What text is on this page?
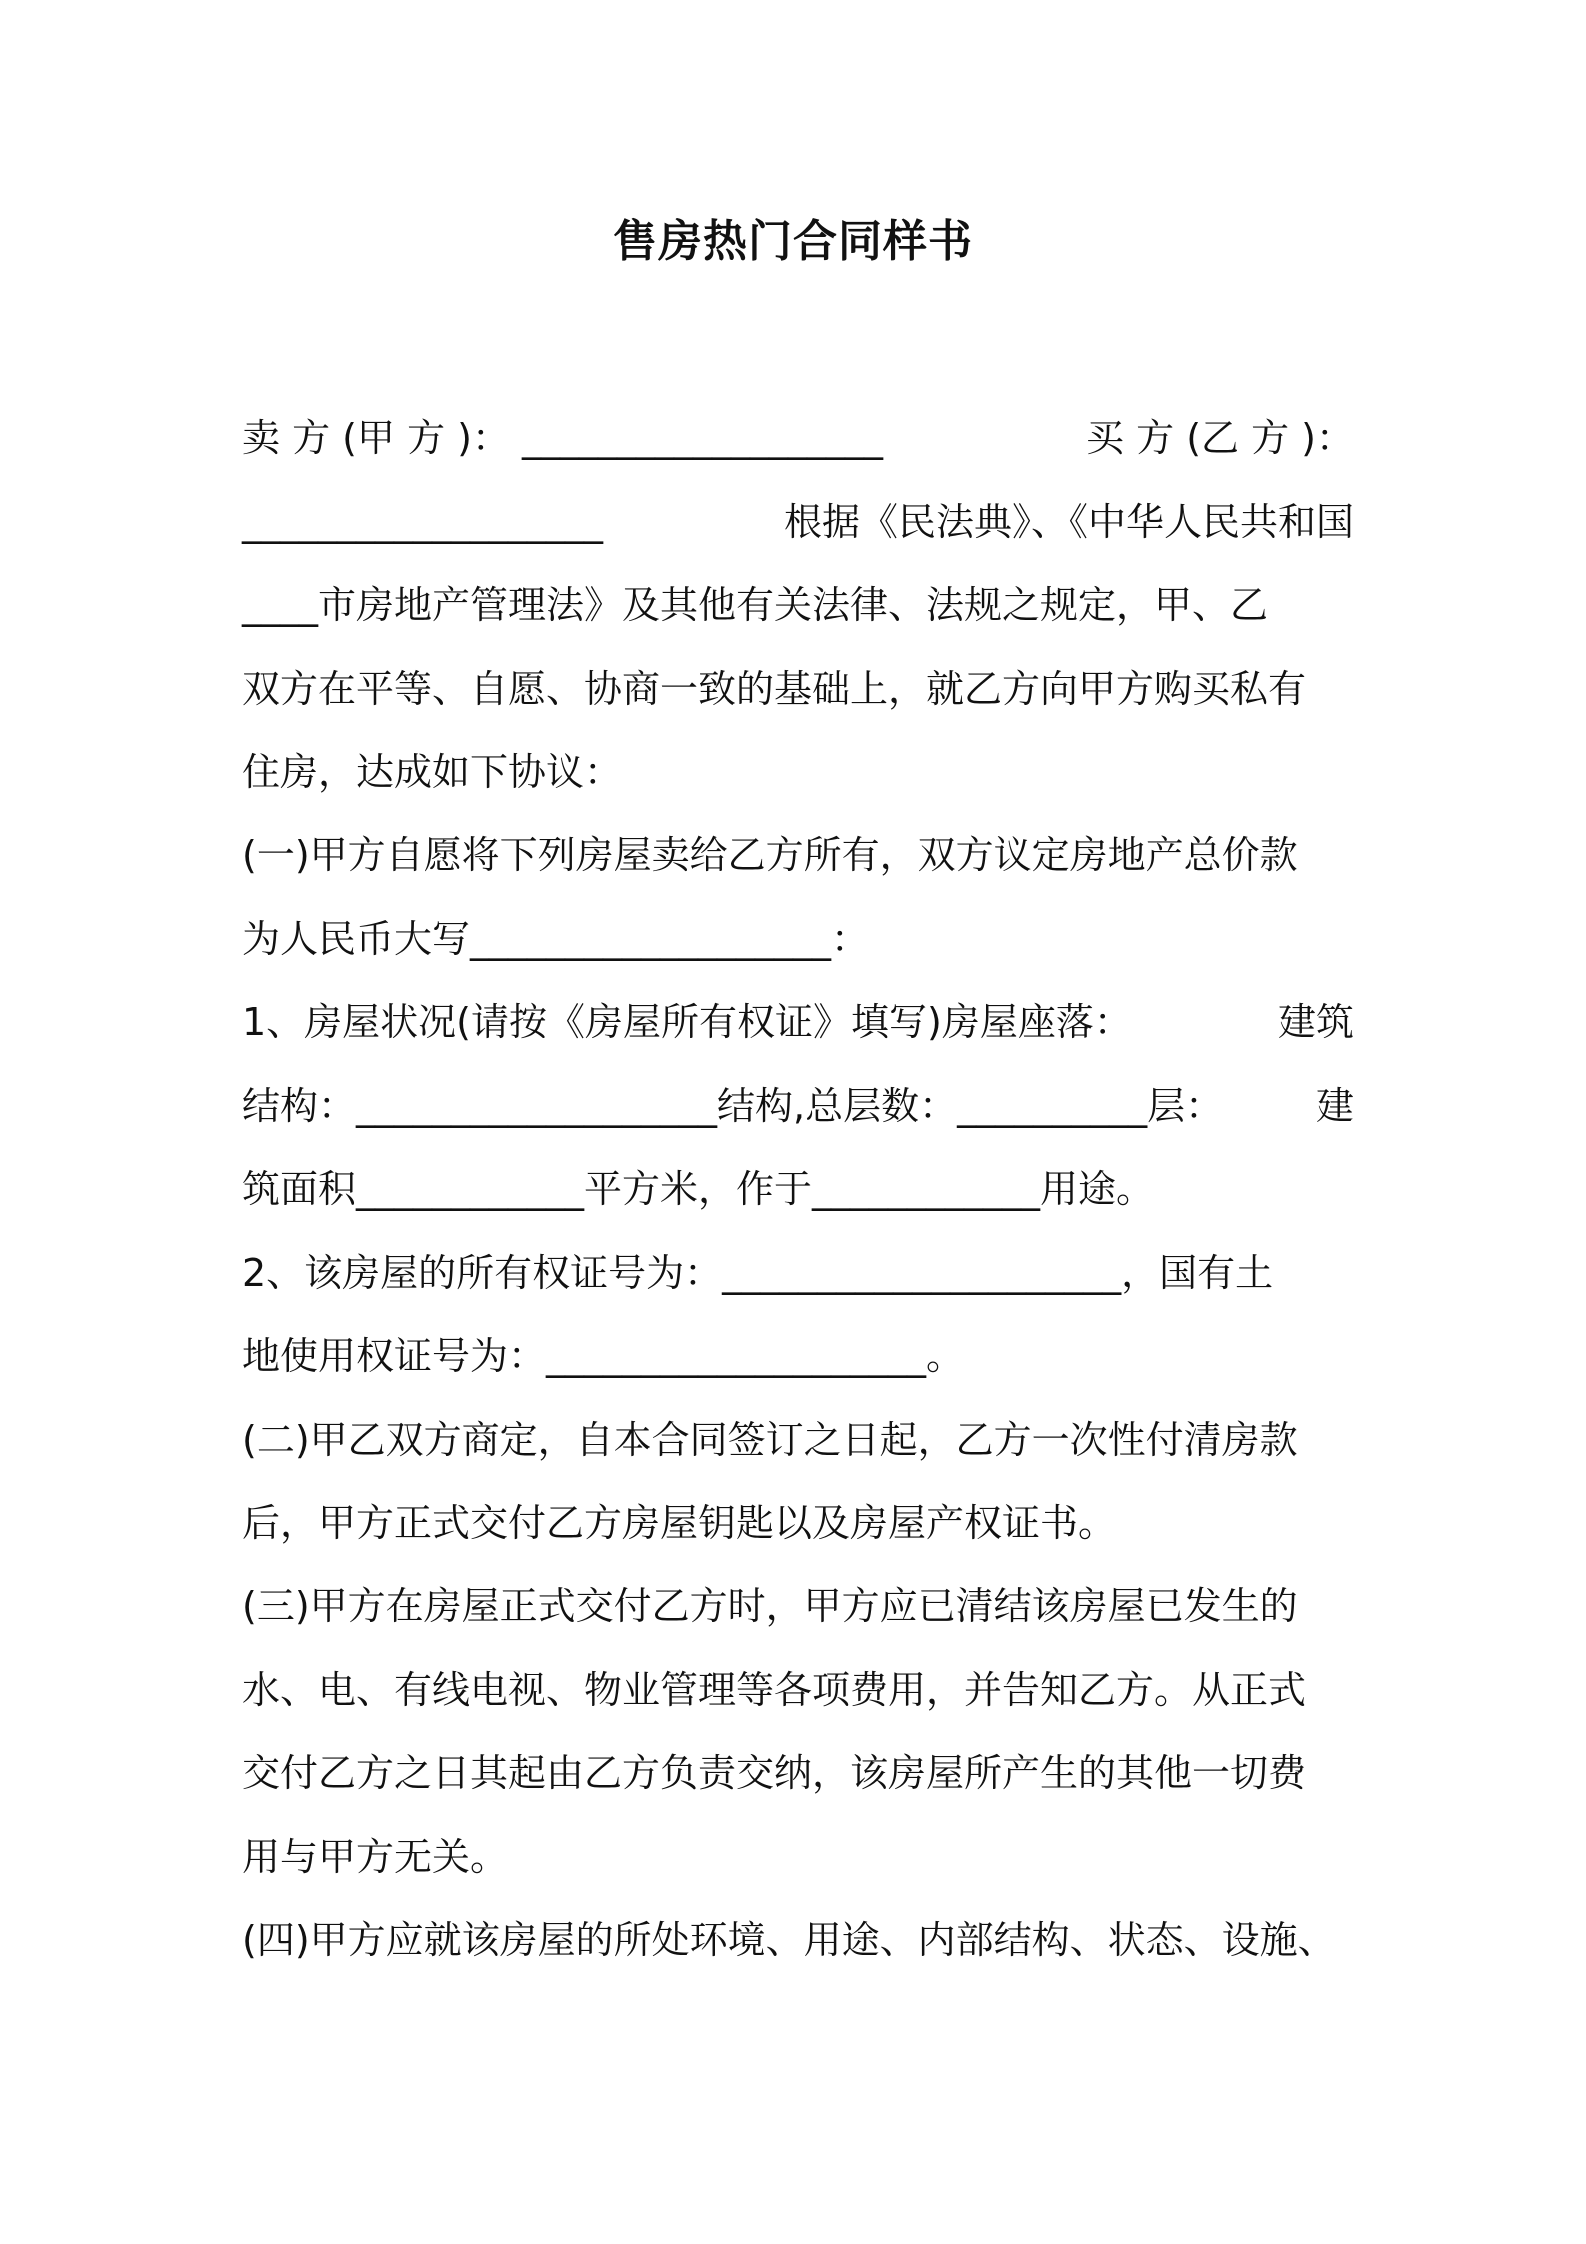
售房热门合同样书
卖 方 (甲 方 )： ___________________	买 方 (乙 方 )：
___________________	根据《民法典》、《中华人民共和国
____市房地产管理法》及其他有关法律、法规之规定，甲、乙
双方在平等、自愿、协商一致的基础上，就乙方向甲方购买私有
住房，达成如下协议：
(一)甲方自愿将下列房屋卖给乙方所有，双方议定房地产总价款
为人民币大写___________________：
1、房屋状况(请按《房屋所有权证》填写)房屋座落：	建筑
结构：___________________结构,总层数：__________层： 建
筑面积____________平方米，作于____________用途。
2、该房屋的所有权证号为：_____________________，国有土
地使用权证号为：____________________。
(二)甲乙双方商定，自本合同签订之日起，乙方一次性付清房款
后，甲方正式交付乙方房屋钥匙以及房屋产权证书。
(三)甲方在房屋正式交付乙方时，甲方应已清结该房屋已发生的
水、电、有线电视、物业管理等各项费用，并告知乙方。从正式
交付乙方之日其起由乙方负责交纳，该房屋所产生的其他一切费
用与甲方无关。
(四)甲方应就该房屋的所处环境、用途、内部结构、状态、设施、
